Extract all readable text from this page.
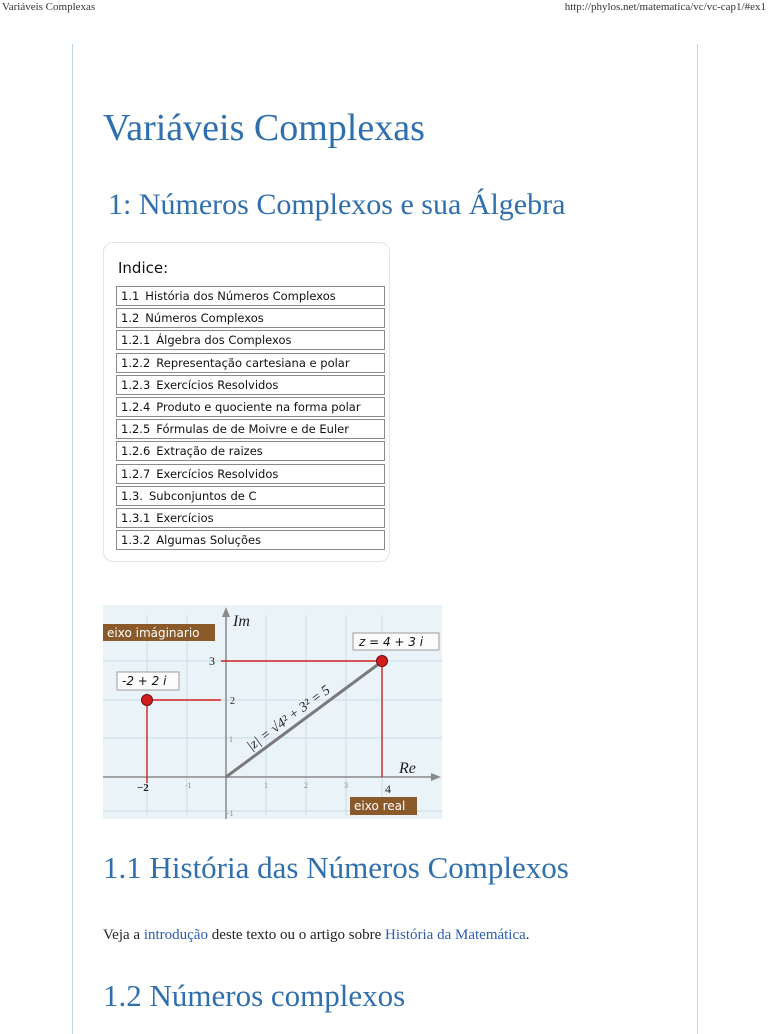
Variáveis Complexas	http://phylos.net/matematica/vc/vc-cap1/#ex1
Variáveis Complexas
1: Números Complexos e sua Álgebra
Indice:
1.1 História dos Números Complexos
1.2 Números Complexos
1.2.1 Álgebra dos Complexos
1.2.2 Representação cartesiana e polar
1.2.3 Exercícios Resolvidos
1.2.4 Produto e quociente na forma polar
1.2.5 Fórmulas de de Moivre e de Euler
1.2.6 Extração de raizes
1.2.7 Exercícios Resolvidos
1.3. Subconjuntos de C
1.3.1 Exercícios
1.3.2 Algumas Soluções
eixo imáginario
eixo real
Im
Re
z = 4 + 3 i
-2 + 2 i
|z| = √4² + 3² = 5
3
2
1
-1
−2	-1	1	2	3	4
1.1 História das Números Complexos

Veja a introdução deste texto ou o artigo sobre História da Matemática.

1.2 Números complexos
